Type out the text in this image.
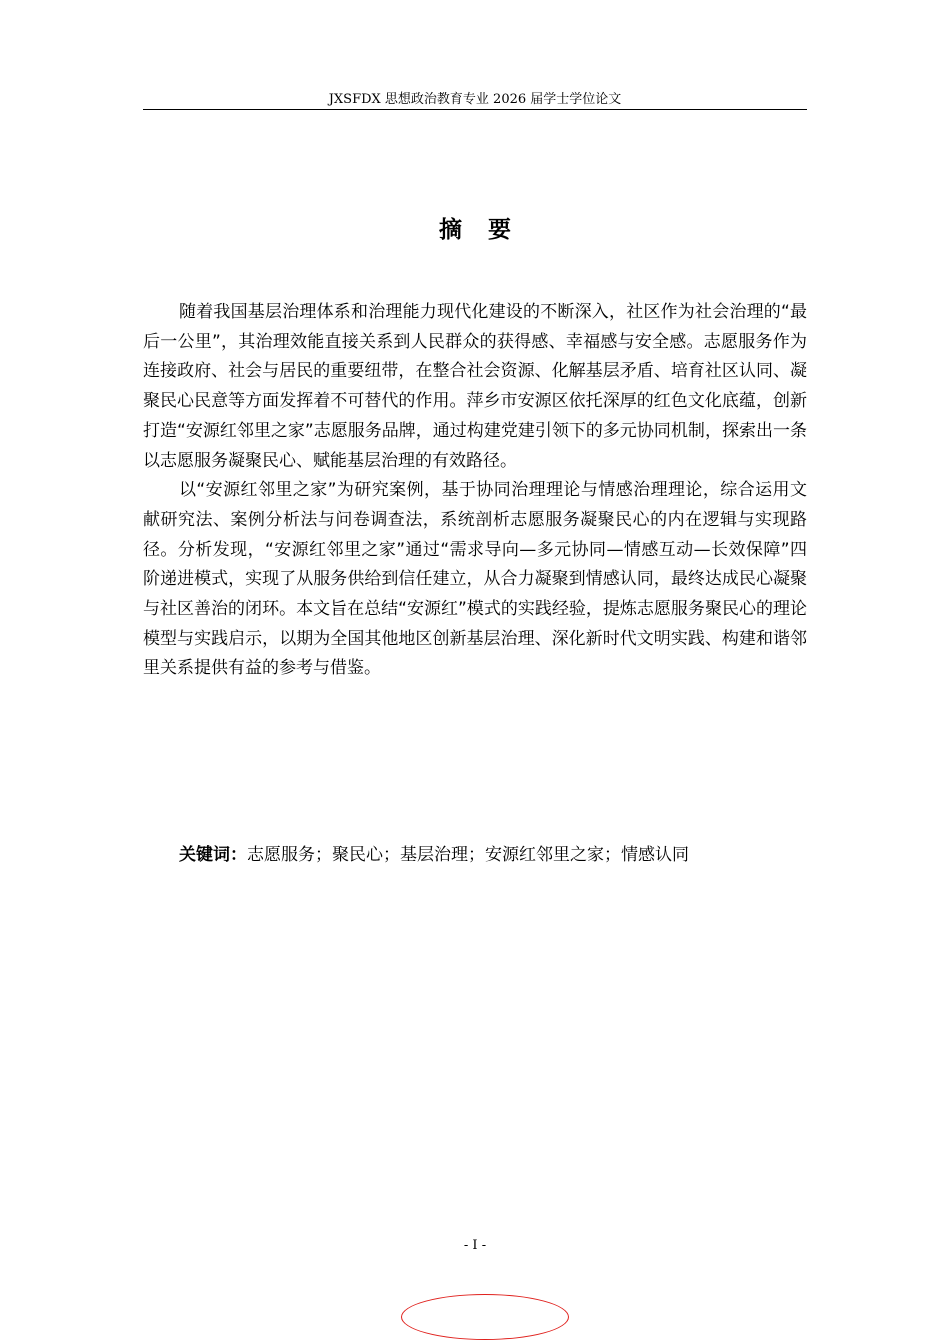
JXSFDX 思想政治教育专业 2026 届学士学位论文
摘要

随着我国基层治理体系和治理能力现代化建设的不断深入，社区作为社会治理的“最后一公里”，其治理效能直接关系到人民群众的获得感、幸福感与安全感。志愿服务作为连接政府、社会与居民的重要纽带，在整合社会资源、化解基层矛盾、培育社区认同、凝聚民心民意等方面发挥着不可替代的作用。萍乡市安源区依托深厚的红色文化底蕴，创新打造“安源红邻里之家”志愿服务品牌，通过构建党建引领下的多元协同机制，探索出一条以志愿服务凝聚民心、赋能基层治理的有效路径。

以“安源红邻里之家”为研究案例，基于协同治理理论与情感治理理论，综合运用文献研究法、案例分析法与问卷调查法，系统剖析志愿服务凝聚民心的内在逻辑与实现路径。分析发现，“安源红邻里之家”通过“需求导向—多元协同—情感互动—长效保障”四阶递进模式，实现了从服务供给到信任建立，从合力凝聚到情感认同，最终达成民心凝聚与社区善治的闭环。本文旨在总结“安源红”模式的实践经验，提炼志愿服务聚民心的理论模型与实践启示，以期为全国其他地区创新基层治理、深化新时代文明实践、构建和谐邻里关系提供有益的参考与借鉴。

关键词：志愿服务；聚民心；基层治理；安源红邻里之家；情感认同
- I -
